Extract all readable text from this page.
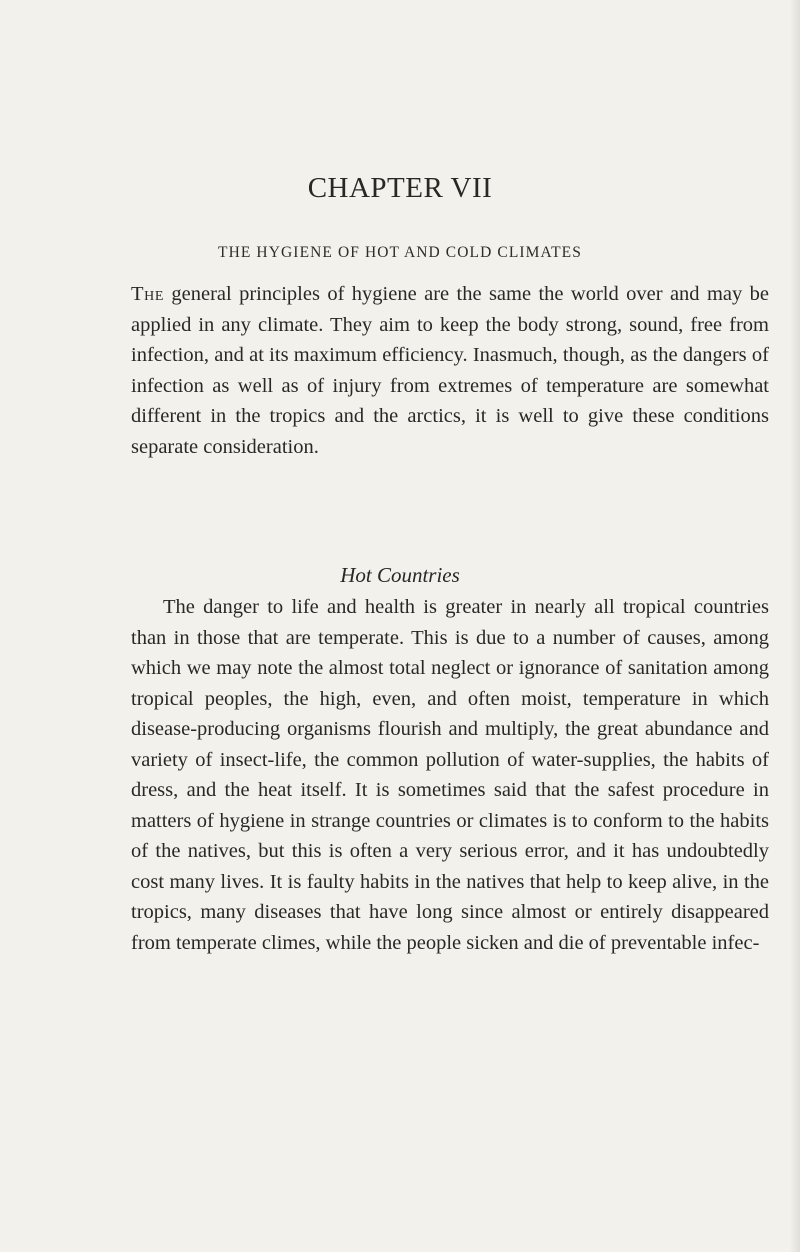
CHAPTER VII
THE HYGIENE OF HOT AND COLD CLIMATES

The general principles of hygiene are the same the world over and may be applied in any climate. They aim to keep the body strong, sound, free from infection, and at its maximum efficiency. Inasmuch, though, as the dangers of infection as well as of injury from extremes of temperature are somewhat different in the tropics and the arctics, it is well to give these conditions separate consideration.

Hot Countries

The danger to life and health is greater in nearly all tropical countries than in those that are temperate. This is due to a number of causes, among which we may note the almost total neglect or ignorance of sanitation among tropical peoples, the high, even, and often moist, temperature in which disease-producing organisms flourish and multiply, the great abundance and variety of insect-life, the common pollution of water-supplies, the habits of dress, and the heat itself. It is sometimes said that the safest procedure in matters of hygiene in strange countries or climates is to conform to the habits of the natives, but this is often a very serious error, and it has undoubtedly cost many lives. It is faulty habits in the natives that help to keep alive, in the tropics, many diseases that have long since almost or entirely disappeared from temperate climes, while the people sicken and die of preventable infec-
